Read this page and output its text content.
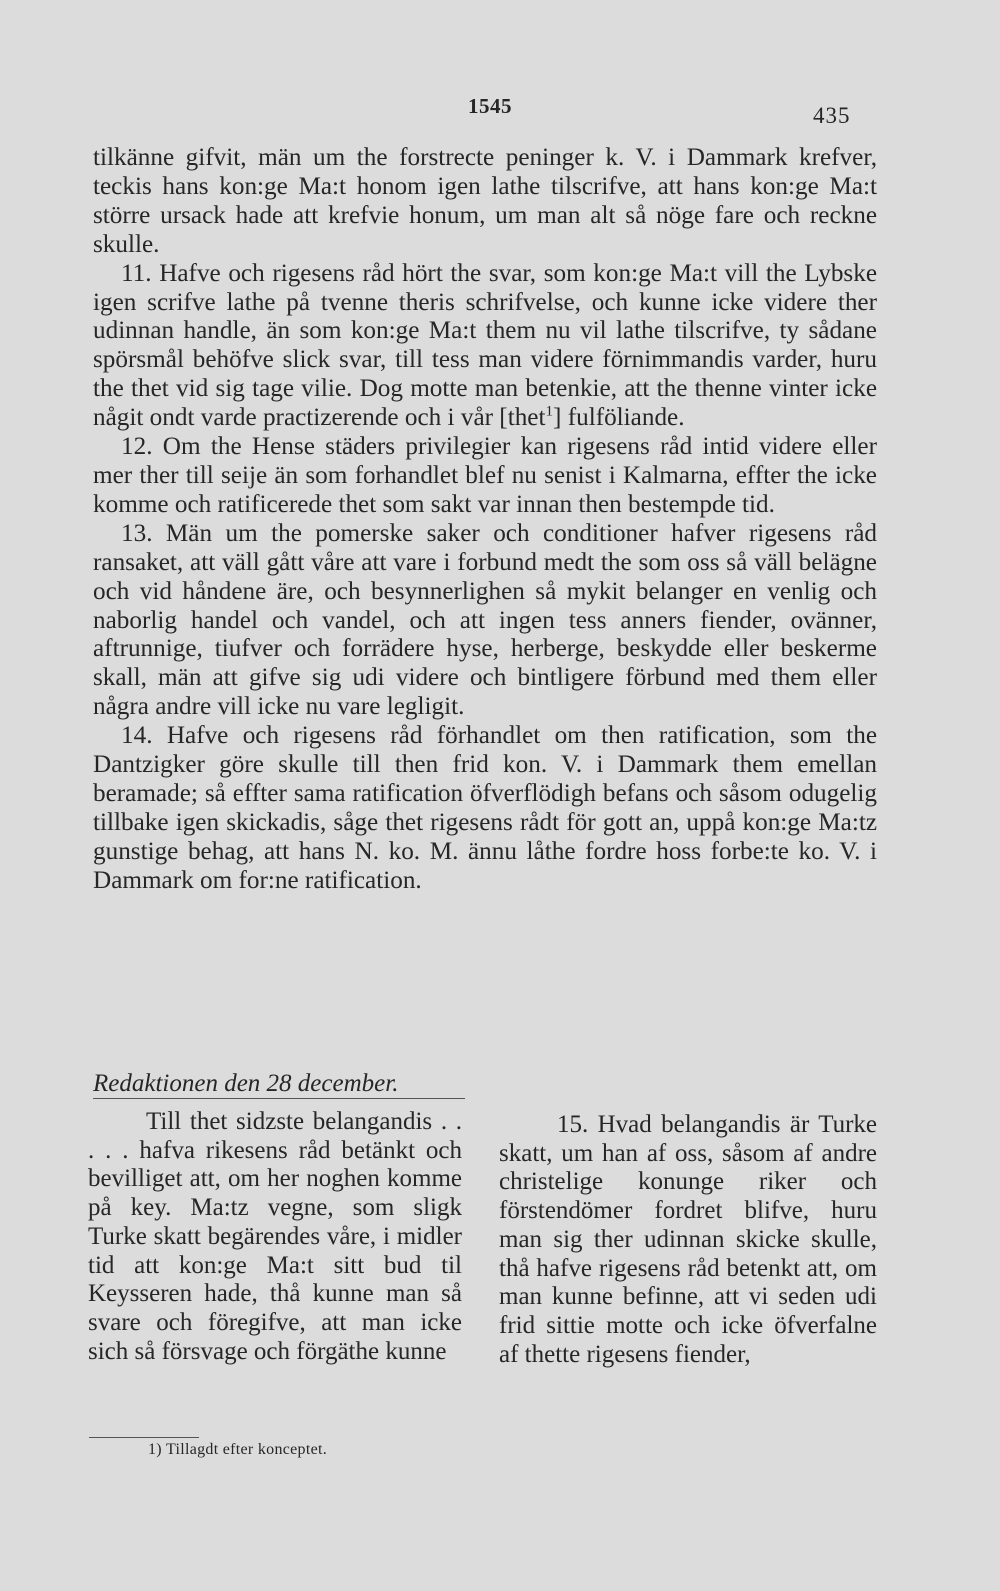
1545	435

tilkänne gifvit, män um the forstrecte peninger k. V. i Dammark krefver, teckis hans kon:ge Ma:t honom igen lathe tilscrifve, att hans kon:ge Ma:t större ursack hade att krefvie honum, um man alt så nöge fare och reckne skulle.

11. Hafve och rigesens råd hört the svar, som kon:ge Ma:t vill the Lybske igen scrifve lathe på tvenne theris schrifvelse, och kunne icke videre ther udinnan handle, än som kon:ge Ma:t them nu vil lathe tilscrifve, ty sådane spörsmål behöfve slick svar, till tess man videre förnimmandis varder, huru the thet vid sig tage vilie. Dog motte man betenkie, att the thenne vinter icke någit ondt varde practizerende och i vår [thet$^1$] fulföliande.

12. Om the Hense städers privilegier kan rigesens råd intid videre eller mer ther till seije än som forhandlet blef nu senist i Kalmarna, effter the icke komme och ratificerede thet som sakt var innan then bestempde tid.

13. Män um the pomerske saker och conditioner hafver rigesens råd ransaket, att väll gått våre att vare i forbund medt the som oss så väll belägne och vid håndene äre, och besynnerlighen så mykit belanger en venlig och naborlig handel och vandel, och att ingen tess anners fiender, ovänner, aftrunnige, tiufver och forrädere hyse, herberge, beskydde eller beskerme skall, män att gifve sig udi videre och bintligere förbund med them eller några andre vill icke nu vare legligit.

14. Hafve och rigesens råd förhandlet om then ratification, som the Dantzigker göre skulle till then frid kon. V. i Dammark them emellan beramade; så effter sama ratification öfverflödigh befans och såsom odugelig tillbake igen skickadis, såge thet rigesens rådt för gott an, uppå kon:ge Ma:tz gunstige behag, att hans N. ko. M. ännu låthe fordre hoss forbe:te ko. V. i Dammark om for:ne ratification.

Redaktionen den 28 december.

Till thet sidzste belangandis . . . . . hafva rikesens råd betänkt och bevilliget att, om her noghen komme på key. Ma:tz vegne, som sligk Turke skatt begärendes våre, i midler tid att kon:ge Ma:t sitt bud til Keysseren hade, thå kunne man så svare och föregifve, att man icke sich så försvage och förgäthe kunne

15. Hvad belangandis är Turke skatt, um han af oss, såsom af andre christelige konunge riker och förstendömer fordret blifve, huru man sig ther udinnan skicke skulle, thå hafve rigesens råd betenkt att, om man kunne befinne, att vi seden udi frid sittie motte och icke öfverfalne af thette rigesens fiender,

1) Tillagdt efter konceptet.
